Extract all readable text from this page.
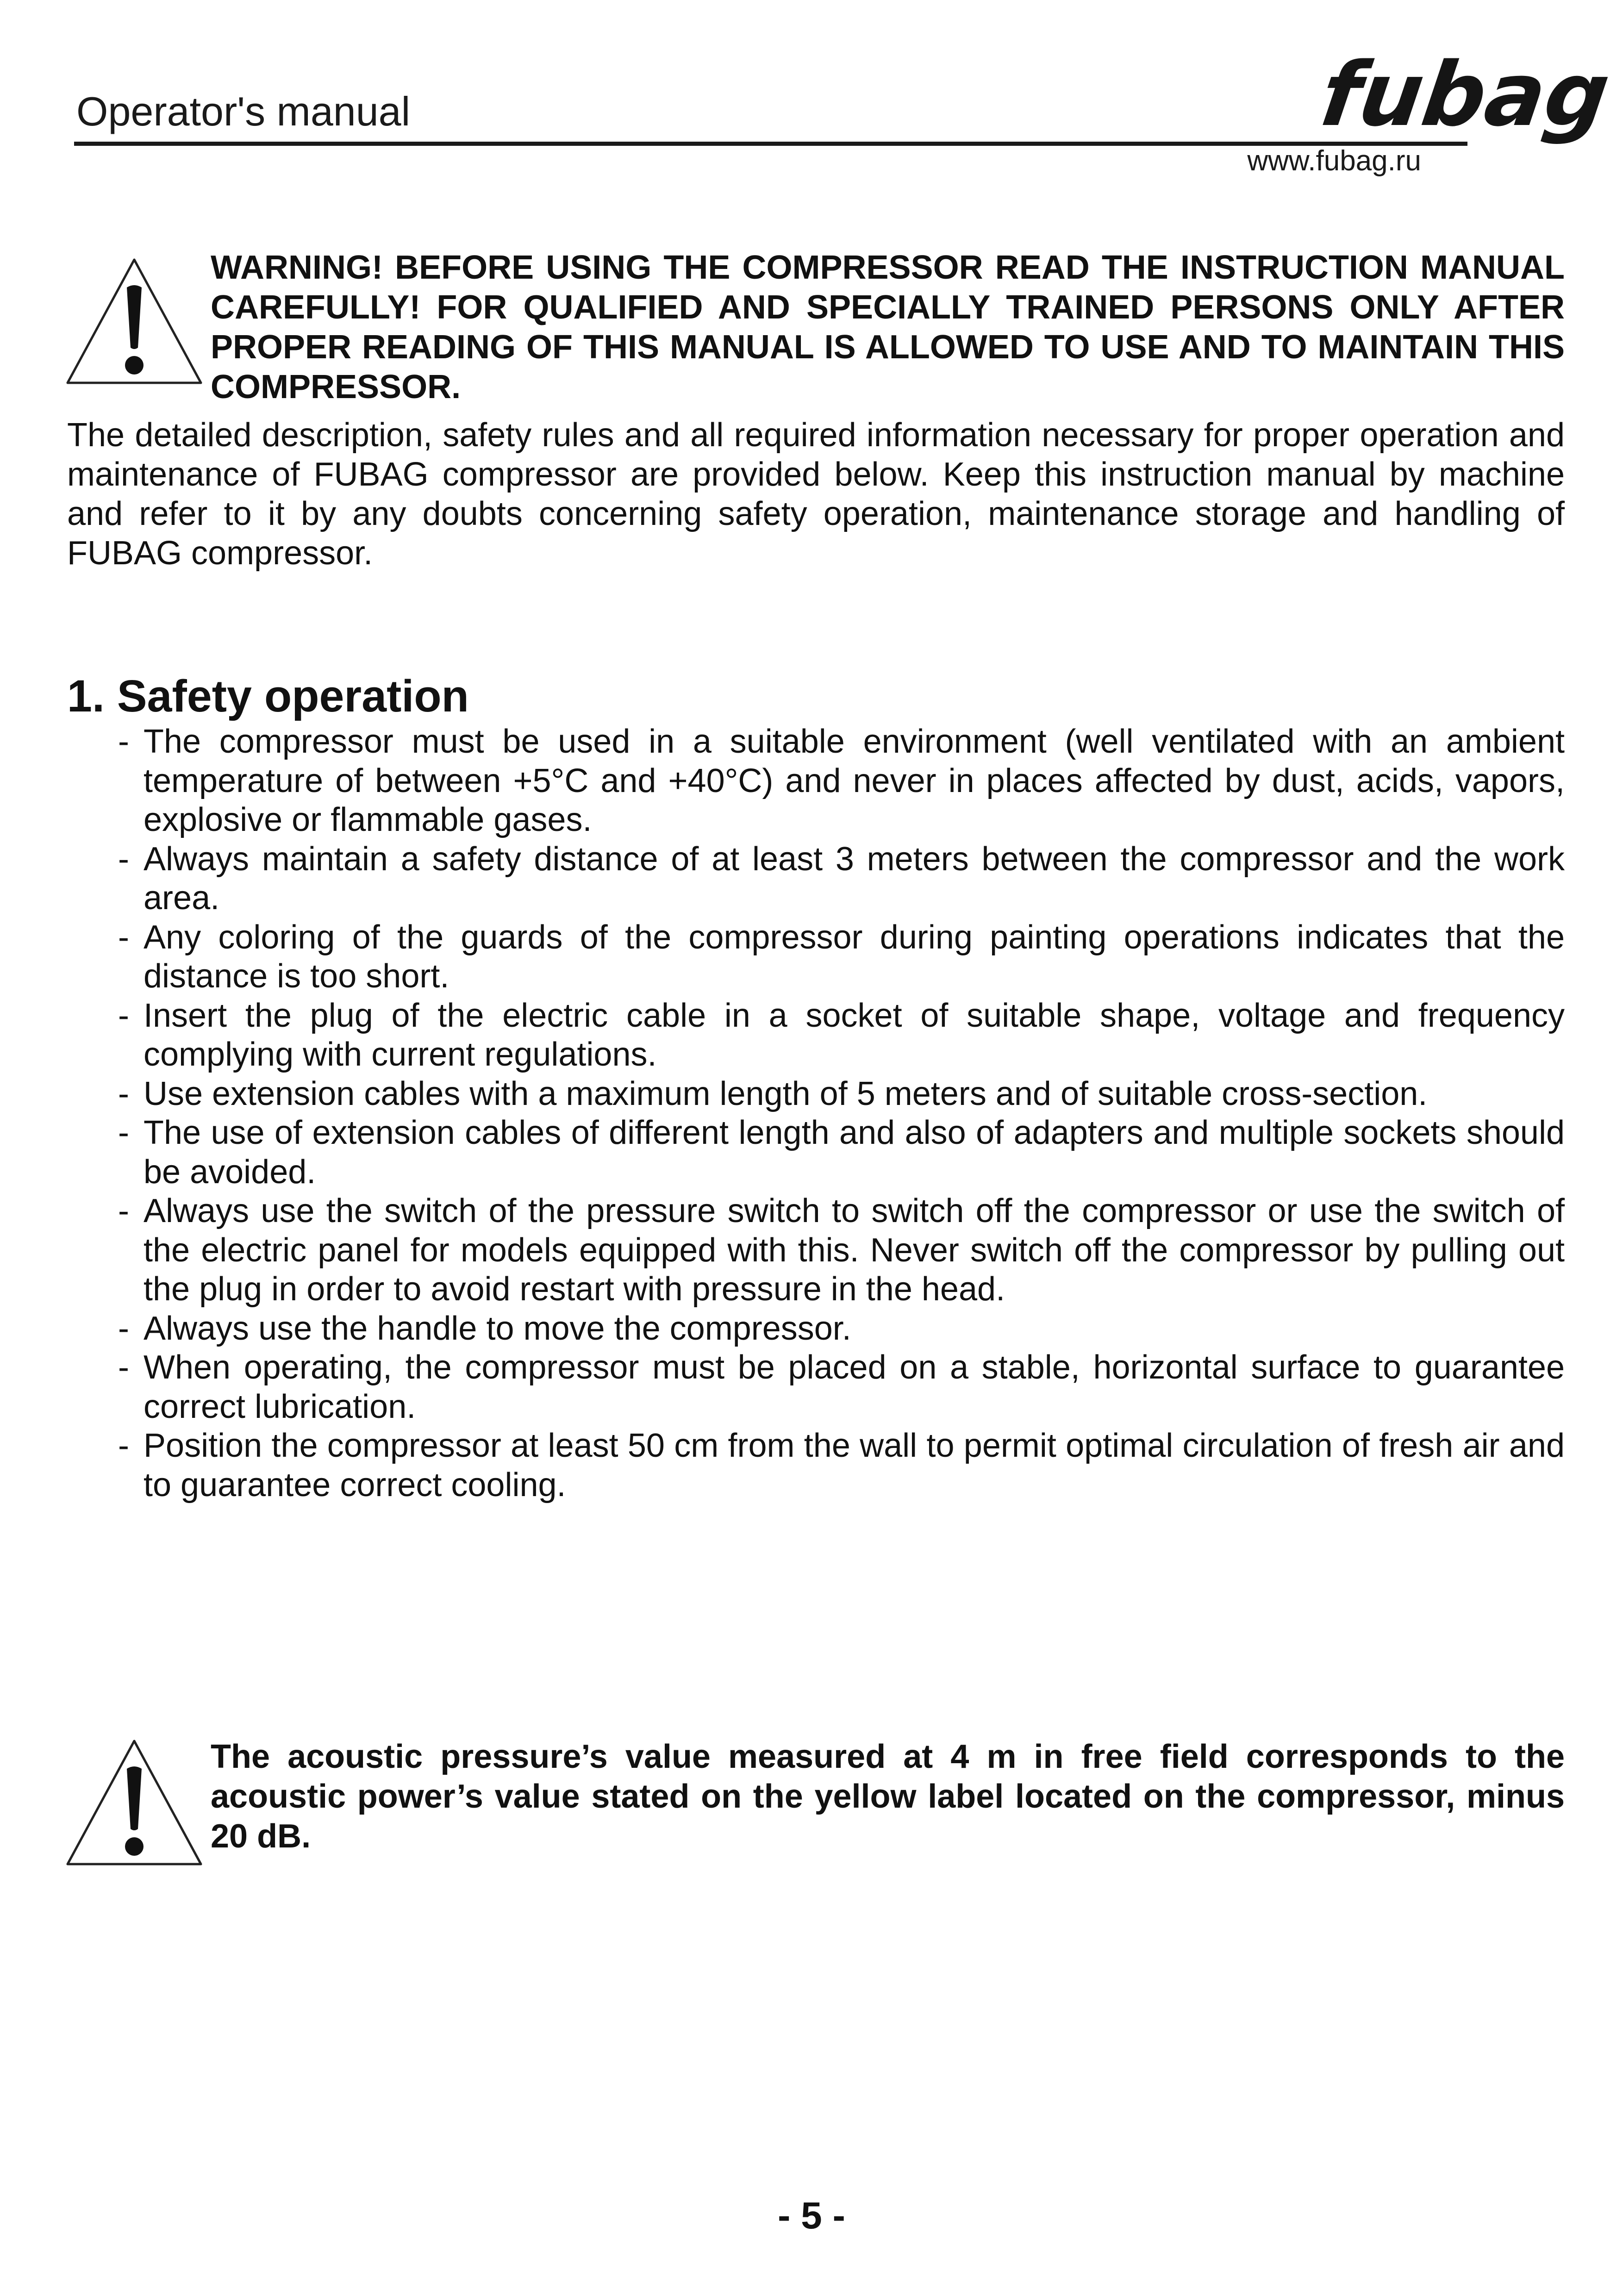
Operator's manual	fubag
www.fubag.ru
WARNING! BEFORE USING THE COMPRESSOR READ THE INSTRUCTION MANUAL CAREFULLY! FOR QUALIFIED AND SPECIALLY TRAINED PERSONS ONLY AFTER PROPER READING OF THIS MANUAL IS ALLOWED TO USE AND TO MAINTAIN THIS COMPRESSOR.
The detailed description, safety rules and all required information necessary for proper operation and maintenance of FUBAG compressor are provided below. Keep this instruction manual by machine and refer to it by any doubts concerning safety operation, maintenance storage and handling of FUBAG compressor.
1. Safety operation
- The compressor must be used in a suitable environment (well ventilated with an ambient temperature of between +5°C and +40°C) and never in places affected by dust, acids, vapors, explosive or flammable gases.
- Always maintain a safety distance of at least 3 meters between the compressor and the work area.
- Any coloring of the guards of the compressor during painting operations indicates that the distance is too short.
- Insert the plug of the electric cable in a socket of suitable shape, voltage and frequency complying with current regulations.
- Use extension cables with a maximum length of 5 meters and of suitable cross-section.
- The use of extension cables of different length and also of adapters and multiple sockets should be avoided.
- Always use the switch of the pressure switch to switch off the compressor or use the switch of the electric panel for models equipped with this. Never switch off the compressor by pulling out the plug in order to avoid restart with pressure in the head.
- Always use the handle to move the compressor.
- When operating, the compressor must be placed on a stable, horizontal surface to guarantee correct lubrication.
- Position the compressor at least 50 cm from the wall to permit optimal circulation of fresh air and to guarantee correct cooling.
The acoustic pressure’s value measured at 4 m in free field corresponds to the acoustic power’s value stated on the yellow label located on the compressor, minus 20 dB.
- 5 -
